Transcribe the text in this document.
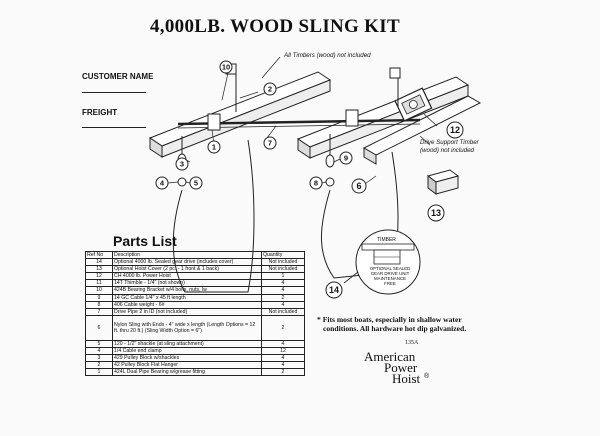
4,000LB. WOOD SLING KIT
CUSTOMER NAME
FREIGHT
1
2
3
4	5	6
7
8
9
10
12
13
14
All Timbers (wood) not included
Drive Support Timber
(wood) not included
TIMBER
OPTIONAL SEALED
GEAR DRIVE UNIT
MAINTENANCE FREE
Parts List
Ref No	Description	Quantity
14	Optional 4000 lb. Sealed gear drive (includes cover)	Not included
13	Optional Hoist Cover (2 pc. - 1 front & 1 back)	Not included
12	CH 4000 lb. Power Hoist	1
11	14T Thimble - 1/4" (not shown)	4
10	424B Bearing Bracket w/4 bolts, nuts, lw	4
9	14 GC Cable 1/4" x 45 ft length	2
8	406 Cable weight - 6#	4
7	Drive Pipe 2 in ID (not included)	Not included
6	Nylon Sling with Ends - 4" wide x length (Length Options = 12 ft. thru 20 ft.) (Sling Width Option = 6")	2
5	120 - 1/2" shackle (at sling attachment)	4
4	1/4 Cable end clamp	12
3	429 Pulley Block w/shackles	4
2	42 Pulley Block Flat Hanger	4
1	424L Dual Pipe Bearing w/grease fitting	2
* Fits most boats, especially in shallow water
conditions. All hardware hot dip galvanized.
135A
American
Power
Hoist ®
